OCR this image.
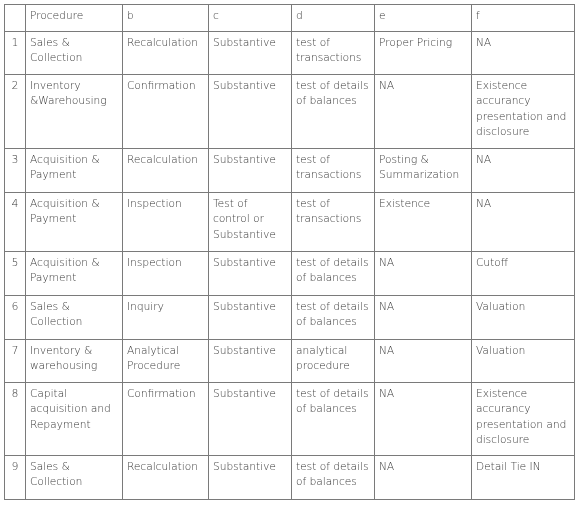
	Procedure	b	c	d	e	f
1	Sales & Collection	Recalculation	Substantive	test of transactions	Proper Pricing	NA
2	Inventory &Warehousing	Confirmation	Substantive	test of details of balances	NA	Existence accurancy presentation and disclosure
3	Acquisition & Payment	Recalculation	Substantive	test of transactions	Posting & Summarization	NA
4	Acquisition & Payment	Inspection	Test of control or Substantive	test of transactions	Existence	NA
5	Acquisition & Payment	Inspection	Substantive	test of details of balances	NA	Cutoff
6	Sales & Collection	Inquiry	Substantive	test of details of balances	NA	Valuation
7	Inventory & warehousing	Analytical Procedure	Substantive	analytical procedure	NA	Valuation
8	Capital acquisition and Repayment	Confirmation	Substantive	test of details of balances	NA	Existence accurancy presentation and disclosure
9	Sales & Collection	Recalculation	Substantive	test of details of balances	NA	Detail Tie IN
